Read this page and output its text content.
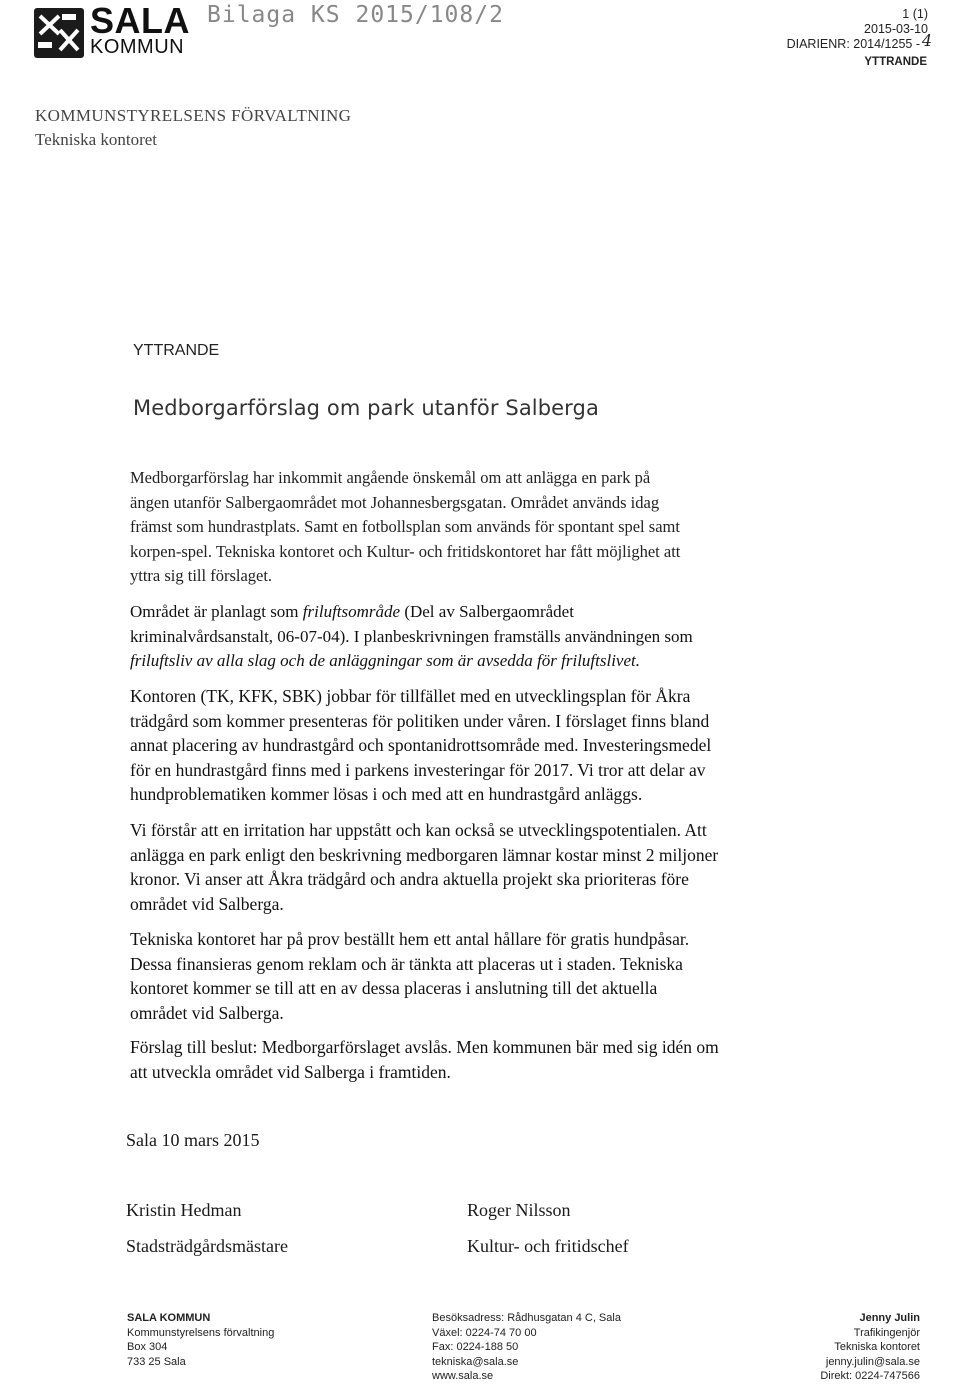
SALA
KOMMUN
Bilaga KS 2015/108/2	1 (1)
2015-03-10
DIARIENR: 2014/1255 - 4
YTTRANDE
KOMMUNSTYRELSENS FÖRVALTNING
Tekniska kontoret
YTTRANDE
Medborgarförslag om park utanför Salberga
Medborgarförslag har inkommit angående önskemål om att anlägga en park på
ängen utanför Salbergaområdet mot Johannesbergsgatan. Området används idag
främst som hundrastplats. Samt en fotbollsplan som används för spontant spel samt
korpen-spel. Tekniska kontoret och Kultur- och fritidskontoret har fått möjlighet att
yttra sig till förslaget.
Området är planlagt som friluftsområde (Del av Salbergaområdet
kriminalvårdsanstalt, 06-07-04). I planbeskrivningen framställs användningen som
friluftsliv av alla slag och de anläggningar som är avsedda för friluftslivet.
Kontoren (TK, KFK, SBK) jobbar för tillfället med en utvecklingsplan för Åkra
trädgård som kommer presenteras för politiken under våren. I förslaget finns bland
annat placering av hundrastgård och spontanidrottsområde med. Investeringsmedel
för en hundrastgård finns med i parkens investeringar för 2017. Vi tror att delar av
hundproblematiken kommer lösas i och med att en hundrastgård anläggs.
Vi förstår att en irritation har uppstått och kan också se utvecklingspotentialen. Att
anlägga en park enligt den beskrivning medborgaren lämnar kostar minst 2 miljoner
kronor. Vi anser att Åkra trädgård och andra aktuella projekt ska prioriteras före
området vid Salberga.
Tekniska kontoret har på prov beställt hem ett antal hållare för gratis hundpåsar.
Dessa finansieras genom reklam och är tänkta att placeras ut i staden. Tekniska
kontoret kommer se till att en av dessa placeras i anslutning till det aktuella
området vid Salberga.
Förslag till beslut: Medborgarförslaget avslås. Men kommunen bär med sig idén om
att utveckla området vid Salberga i framtiden.
Sala 10 mars 2015
Kristin Hedman
Stadsträdgårdsmästare
Roger Nilsson
Kultur- och fritidschef
SALA KOMMUN
Kommunstyrelsens förvaltning
Box 304
733 25 Sala
Besöksadress: Rådhusgatan 4 C, Sala
Växel: 0224-74 70 00
Fax: 0224-188 50
tekniska@sala.se
www.sala.se
Jenny Julin
Trafikingenjör
Tekniska kontoret
jenny.julin@sala.se
Direkt: 0224-747566
